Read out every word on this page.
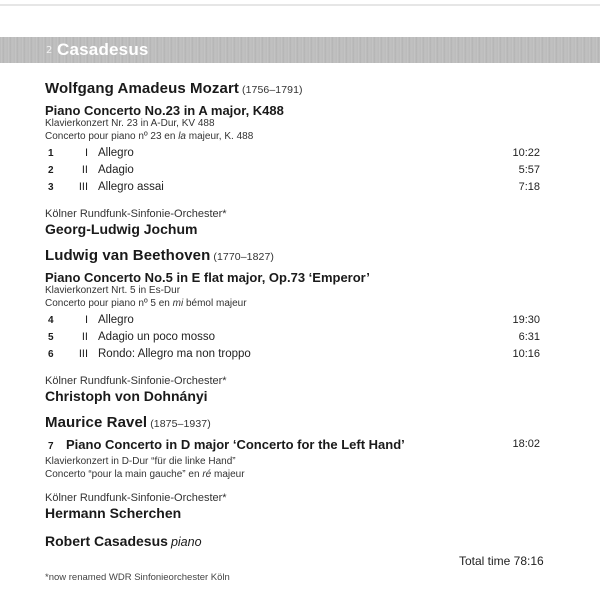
2 Casadesus
Wolfgang Amadeus Mozart (1756–1791)
Piano Concerto No.23 in A major, K488
Klavierkonzert Nr. 23 in A-Dur, KV 488
Concerto pour piano nº 23 en la majeur, K. 488
1	I Allegro	10:22
2	II Adagio	5:57
3	III Allegro assai	7:18
Kölner Rundfunk-Sinfonie-Orchester*
Georg-Ludwig Jochum
Ludwig van Beethoven (1770–1827)
Piano Concerto No.5 in E flat major, Op.73 ‘Emperor’
Klavierkonzert Nrt. 5 in Es-Dur
Concerto pour piano nº 5 en mi bémol majeur
4	I Allegro	19:30
5	II Adagio un poco mosso	6:31
6	III Rondo: Allegro ma non troppo	10:16
Kölner Rundfunk-Sinfonie-Orchester*
Christoph von Dohnányi
Maurice Ravel (1875–1937)
7 Piano Concerto in D major ‘Concerto for the Left Hand’	18:02
Klavierkonzert in D-Dur “für die linke Hand”
Concerto “pour la main gauche” en ré majeur
Kölner Rundfunk-Sinfonie-Orchester*
Hermann Scherchen
Robert Casadesus piano
Total time 78:16
*now renamed WDR Sinfonieorchester Köln
